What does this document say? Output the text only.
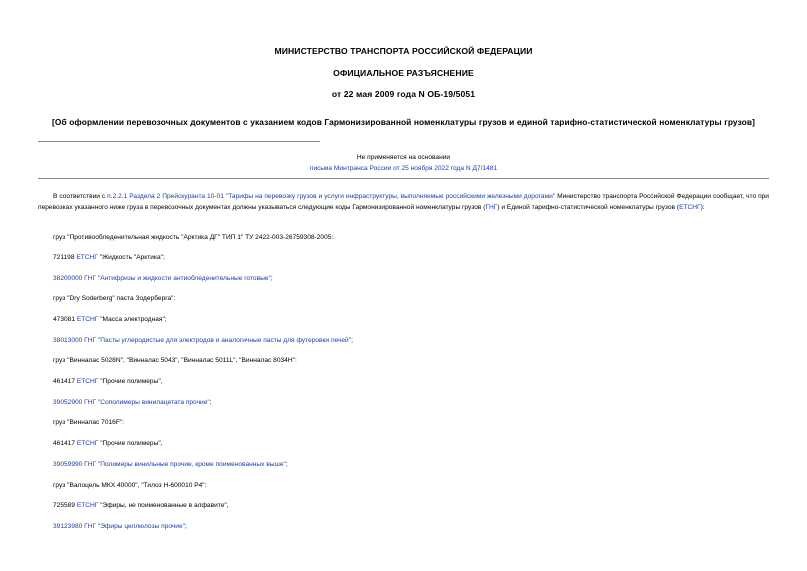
МИНИСТЕРСТВО ТРАНСПОРТА РОССИЙСКОЙ ФЕДЕРАЦИИ
ОФИЦИАЛЬНОЕ РАЗЪЯСНЕНИЕ
от 22 мая 2009 года N ОБ-19/5051
[Об оформлении перевозочных документов с указанием кодов Гармонизированной номенклатуры грузов и единой тарифно-статистической номенклатуры грузов]
Не применяется на основании
письма Минтранса России от 25 ноября 2022 года N Д7/1481
В соответствии с п.2.2.1 Раздела 2 Прейскуранта 10-01 "Тарифы на перевозку грузов и услуги инфраструктуры, выполняемые российскими железными дорогами" Министерство транспорта Российской Федерации сообщает, что при перевозках указанного ниже груза в перевозочных документах должны указываться следующие коды Гармонизированной номенклатуры грузов (ГНГ) и Единой тарифно-статистической номенклатуры грузов (ЕТСНГ):
груз "Противообледенительная жидкость "Арктика ДГ" ТИП 1" ТУ 2422-003-26759308-2005:
721198 ЕТСНГ "Жидкость "Арктика";
38200000 ГНГ "Антифризы и жидкости антиобледенительные готовые";
груз "Dry Soderberg" паста Зодерберга":
473081 ЕТСНГ "Масса электродная";
38013000 ГНГ "Пасты углеродистые для электродов и аналогичные пасты для футеровки печей";
груз "Винналас 5028N", "Винналас 5043", "Винналас 5011L", "Винналас 8034H":
461417 ЕТСНГ "Прочие полимеры",
39052900 ГНГ "Сополимеры винилацетата прочие";
груз "Винналас 7016F":
461417 ЕТСНГ "Прочие полимеры",
39059990 ГНГ "Полимеры винильные прочие, кроме поименованных выше";
груз "Валоцель МКХ 40000", "Тилоз Н-600010 Р4":
725589 ЕТСНГ "Эфиры, не поименованные в алфавите",
39123980 ГНГ "Эфиры целлюлозы прочие";
